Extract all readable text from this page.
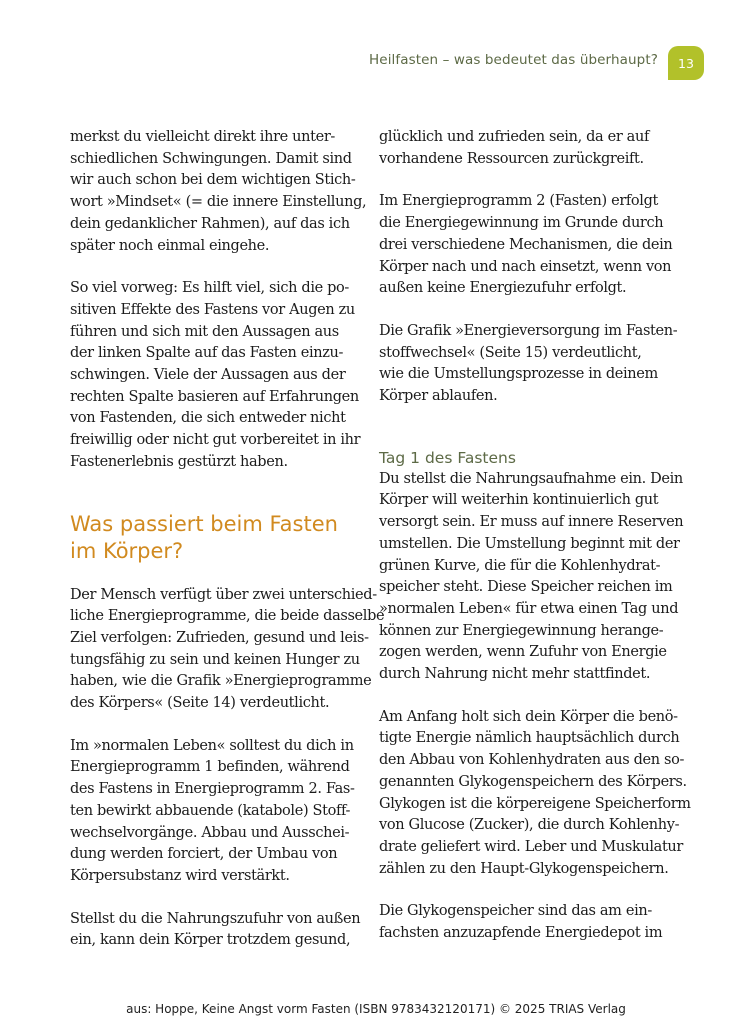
Heilfasten – was bedeutet das überhaupt?	13

merkst du vielleicht direkt ihre unter-
schiedlichen Schwingungen. Damit sind
wir auch schon bei dem wichtigen Stich-
wort »Mindset« (= die innere Einstellung,
dein gedanklicher Rahmen), auf das ich
später noch einmal eingehe.

So viel vorweg: Es hilft viel, sich die po-
sitiven Effekte des Fastens vor Augen zu
führen und sich mit den Aussagen aus
der linken Spalte auf das Fasten einzu-
schwingen. Viele der Aussagen aus der
rechten Spalte basieren auf Erfahrungen
von Fastenden, die sich entweder nicht
freiwillig oder nicht gut vorbereitet in ihr
Fastenerlebnis gestürzt haben.

Was passiert beim Fasten
im Körper?

Der Mensch verfügt über zwei unterschied-
liche Energieprogramme, die beide dasselbe
Ziel verfolgen: Zufrieden, gesund und leis-
tungsfähig zu sein und keinen Hunger zu
haben, wie die Grafik »Energieprogramme
des Körpers« (Seite 14) verdeutlicht.

Im »normalen Leben« solltest du dich in
Energieprogramm 1 befinden, während
des Fastens in Energieprogramm 2. Fas-
ten bewirkt abbauende (katabole) Stoff-
wechselvorgänge. Abbau und Ausschei-
dung werden forciert, der Umbau von
Körpersubstanz wird verstärkt.

Stellst du die Nahrungszufuhr von außen
ein, kann dein Körper trotzdem gesund,

glücklich und zufrieden sein, da er auf
vorhandene Ressourcen zurückgreift.

Im Energieprogramm 2 (Fasten) erfolgt
die Energiegewinnung im Grunde durch
drei verschiedene Mechanismen, die dein
Körper nach und nach einsetzt, wenn von
außen keine Energiezufuhr erfolgt.

Die Grafik »Energieversorgung im Fasten-
stoffwechsel« (Seite 15) verdeutlicht,
wie die Umstellungsprozesse in deinem
Körper ablaufen.

Tag 1 des Fastens

Du stellst die Nahrungsaufnahme ein. Dein
Körper will weiterhin kontinuierlich gut
versorgt sein. Er muss auf innere Reserven
umstellen. Die Umstellung beginnt mit der
grünen Kurve, die für die Kohlenhydrat-
speicher steht. Diese Speicher reichen im
»normalen Leben« für etwa einen Tag und
können zur Energiegewinnung herange-
zogen werden, wenn Zufuhr von Energie
durch Nahrung nicht mehr stattfindet.

Am Anfang holt sich dein Körper die benö-
tigte Energie nämlich hauptsächlich durch
den Abbau von Kohlenhydraten aus den so-
genannten Glykogenspeichern des Körpers.
Glykogen ist die körpereigene Speicherform
von Glucose (Zucker), die durch Kohlenhy-
drate geliefert wird. Leber und Muskulatur
zählen zu den Haupt-Glykogenspeichern.

Die Glykogenspeicher sind das am ein-
fachsten anzuzapfende Energiedepot im

aus: Hoppe, Keine Angst vorm Fasten (ISBN 9783432120171) © 2025 TRIAS Verlag
